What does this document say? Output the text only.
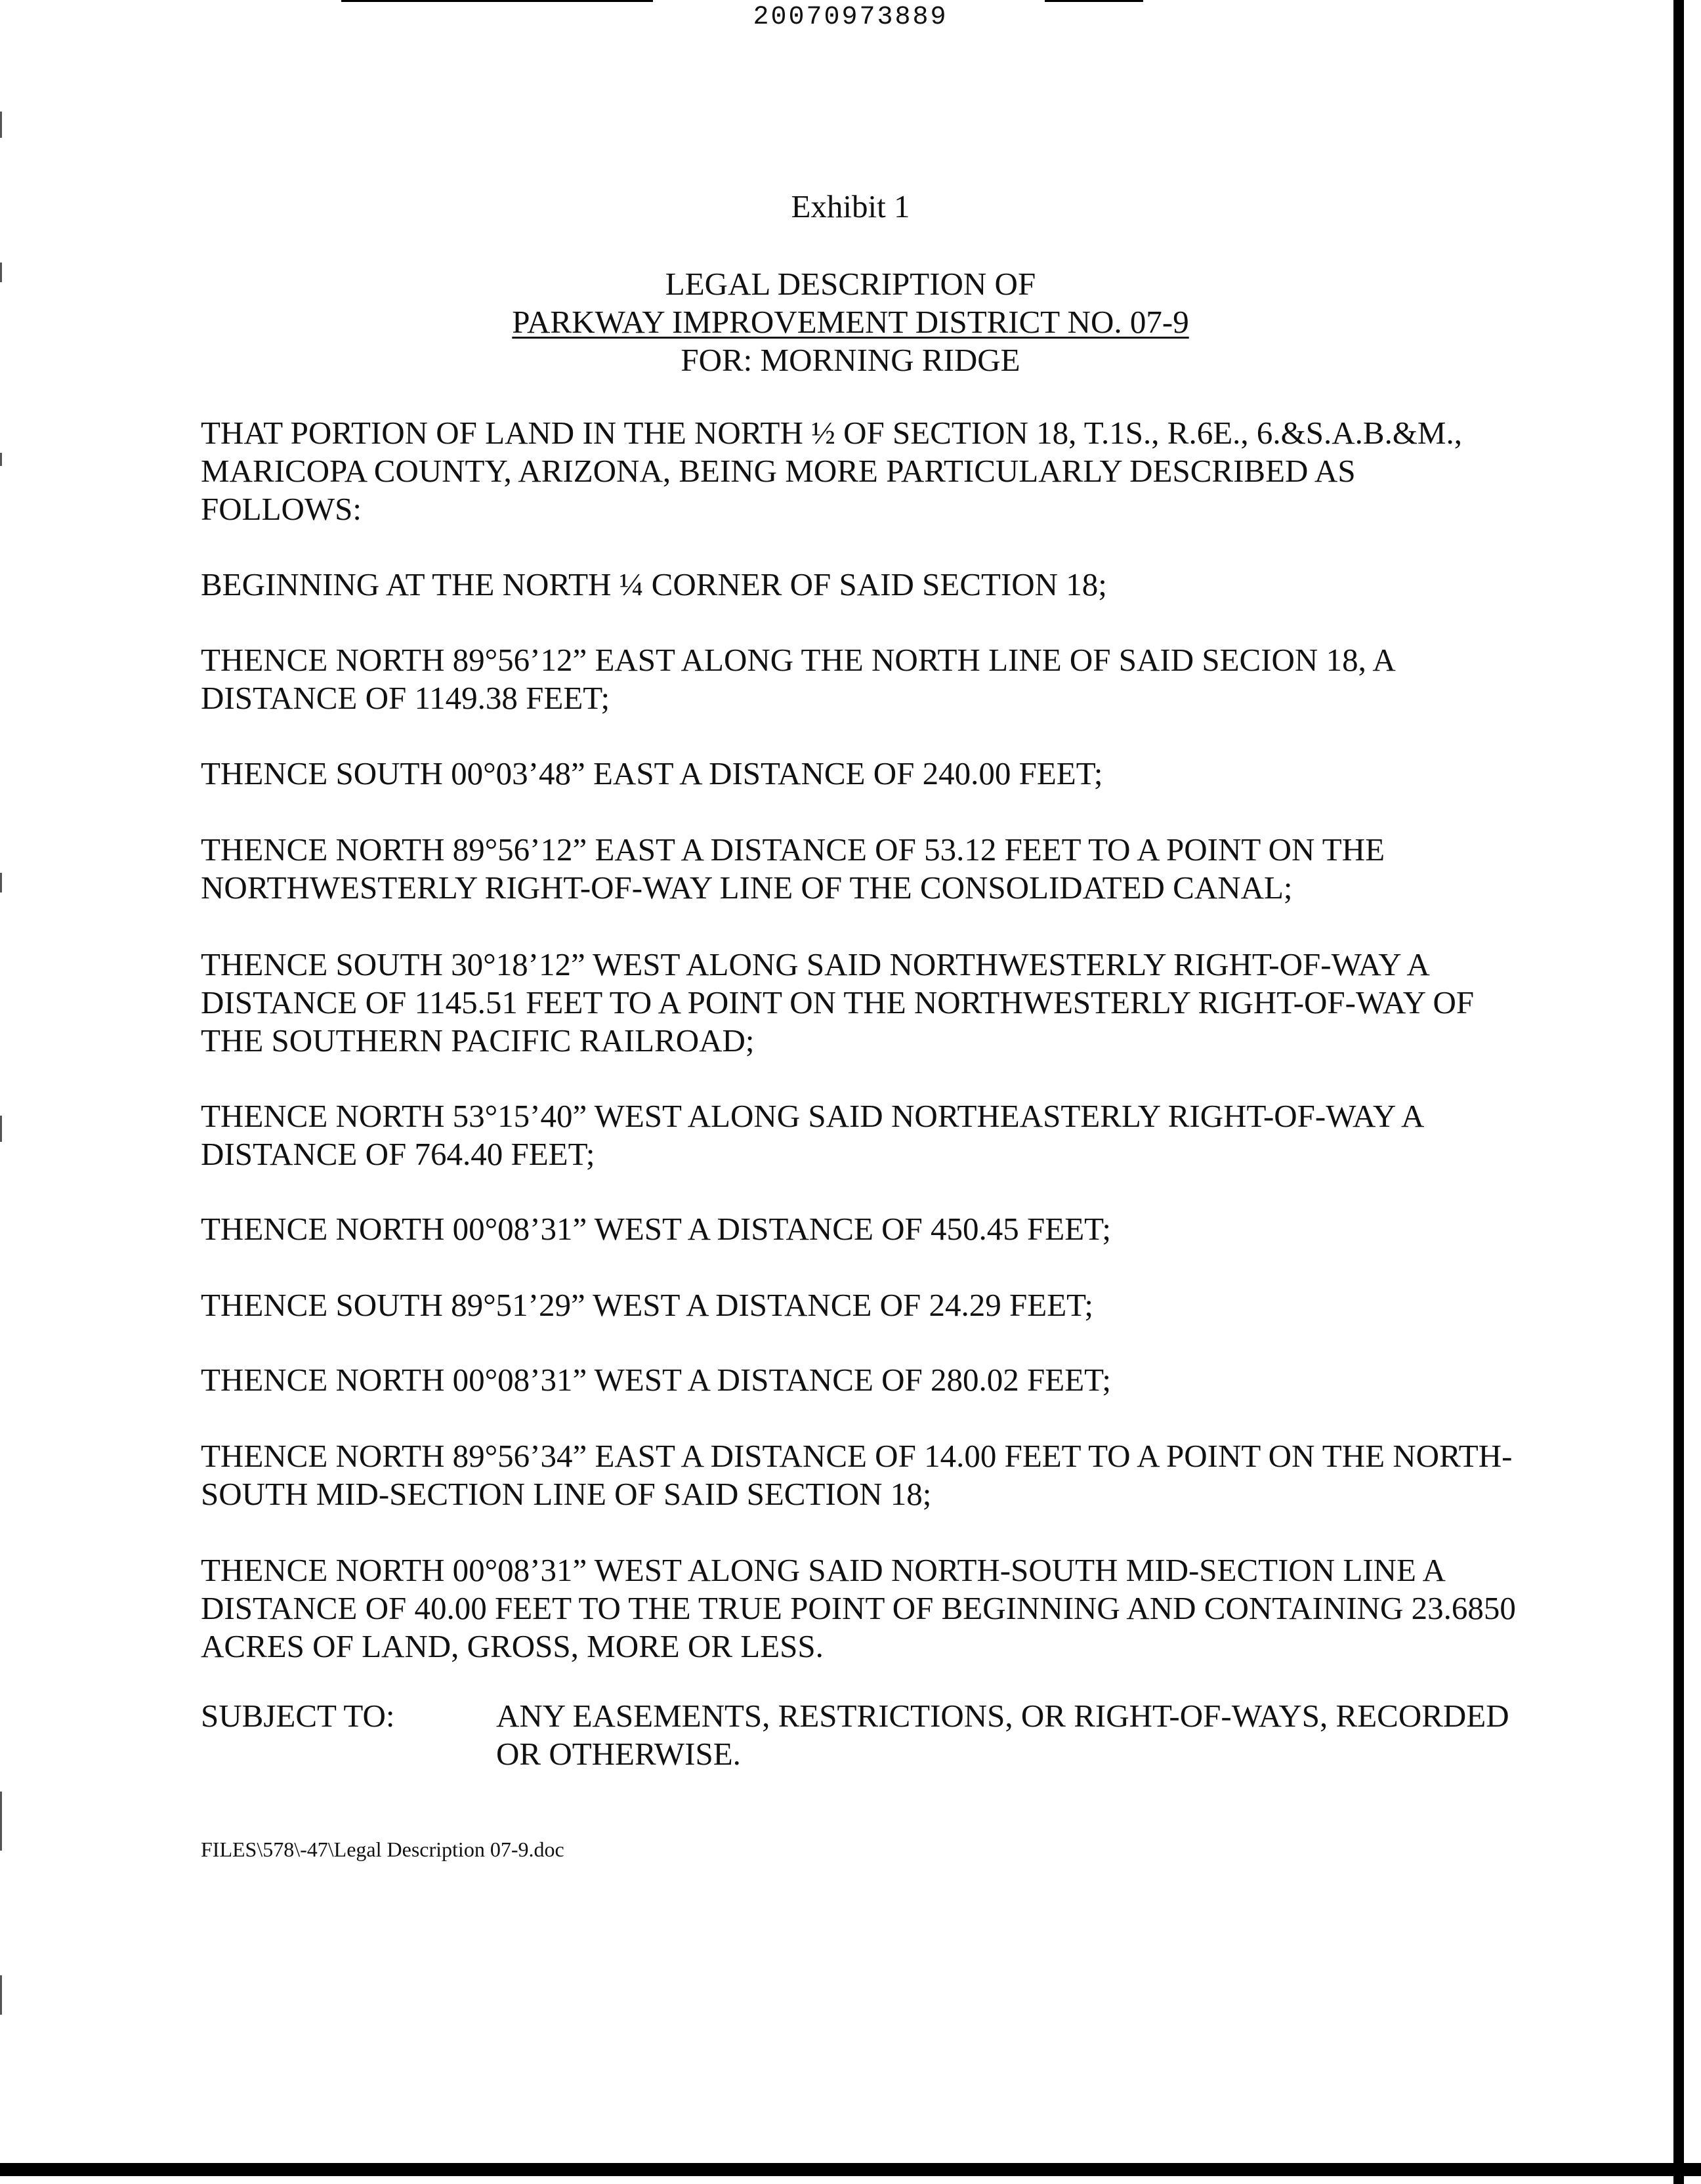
20070973889
Exhibit 1
LEGAL DESCRIPTION OF
PARKWAY IMPROVEMENT DISTRICT NO. 07-9
FOR: MORNING RIDGE

THAT PORTION OF LAND IN THE NORTH ½ OF SECTION 18, T.1S., R.6E., 6.&S.A.B.&M., MARICOPA COUNTY, ARIZONA, BEING MORE PARTICULARLY DESCRIBED AS FOLLOWS:

BEGINNING AT THE NORTH ¼ CORNER OF SAID SECTION 18;

THENCE NORTH 89°56’12” EAST ALONG THE NORTH LINE OF SAID SECION 18, A DISTANCE OF 1149.38 FEET;

THENCE SOUTH 00°03’48” EAST A DISTANCE OF 240.00 FEET;

THENCE NORTH 89°56’12” EAST A DISTANCE OF 53.12 FEET TO A POINT ON THE NORTHWESTERLY RIGHT-OF-WAY LINE OF THE CONSOLIDATED CANAL;

THENCE SOUTH 30°18’12” WEST ALONG SAID NORTHWESTERLY RIGHT-OF-WAY A DISTANCE OF 1145.51 FEET TO A POINT ON THE NORTHWESTERLY RIGHT-OF-WAY OF THE SOUTHERN PACIFIC RAILROAD;

THENCE NORTH 53°15’40” WEST ALONG SAID NORTHEASTERLY RIGHT-OF-WAY A DISTANCE OF 764.40 FEET;

THENCE NORTH 00°08’31” WEST A DISTANCE OF 450.45 FEET;

THENCE SOUTH 89°51’29” WEST A DISTANCE OF 24.29 FEET;

THENCE NORTH 00°08’31” WEST A DISTANCE OF 280.02 FEET;

THENCE NORTH 89°56’34” EAST A DISTANCE OF 14.00 FEET TO A POINT ON THE NORTH-SOUTH MID-SECTION LINE OF SAID SECTION 18;

THENCE NORTH 00°08’31” WEST ALONG SAID NORTH-SOUTH MID-SECTION LINE A DISTANCE OF 40.00 FEET TO THE TRUE POINT OF BEGINNING AND CONTAINING 23.6850 ACRES OF LAND, GROSS, MORE OR LESS.

SUBJECT TO:	ANY EASEMENTS, RESTRICTIONS, OR RIGHT-OF-WAYS, RECORDED OR OTHERWISE.
FILES\578\-47\Legal Description 07-9.doc
